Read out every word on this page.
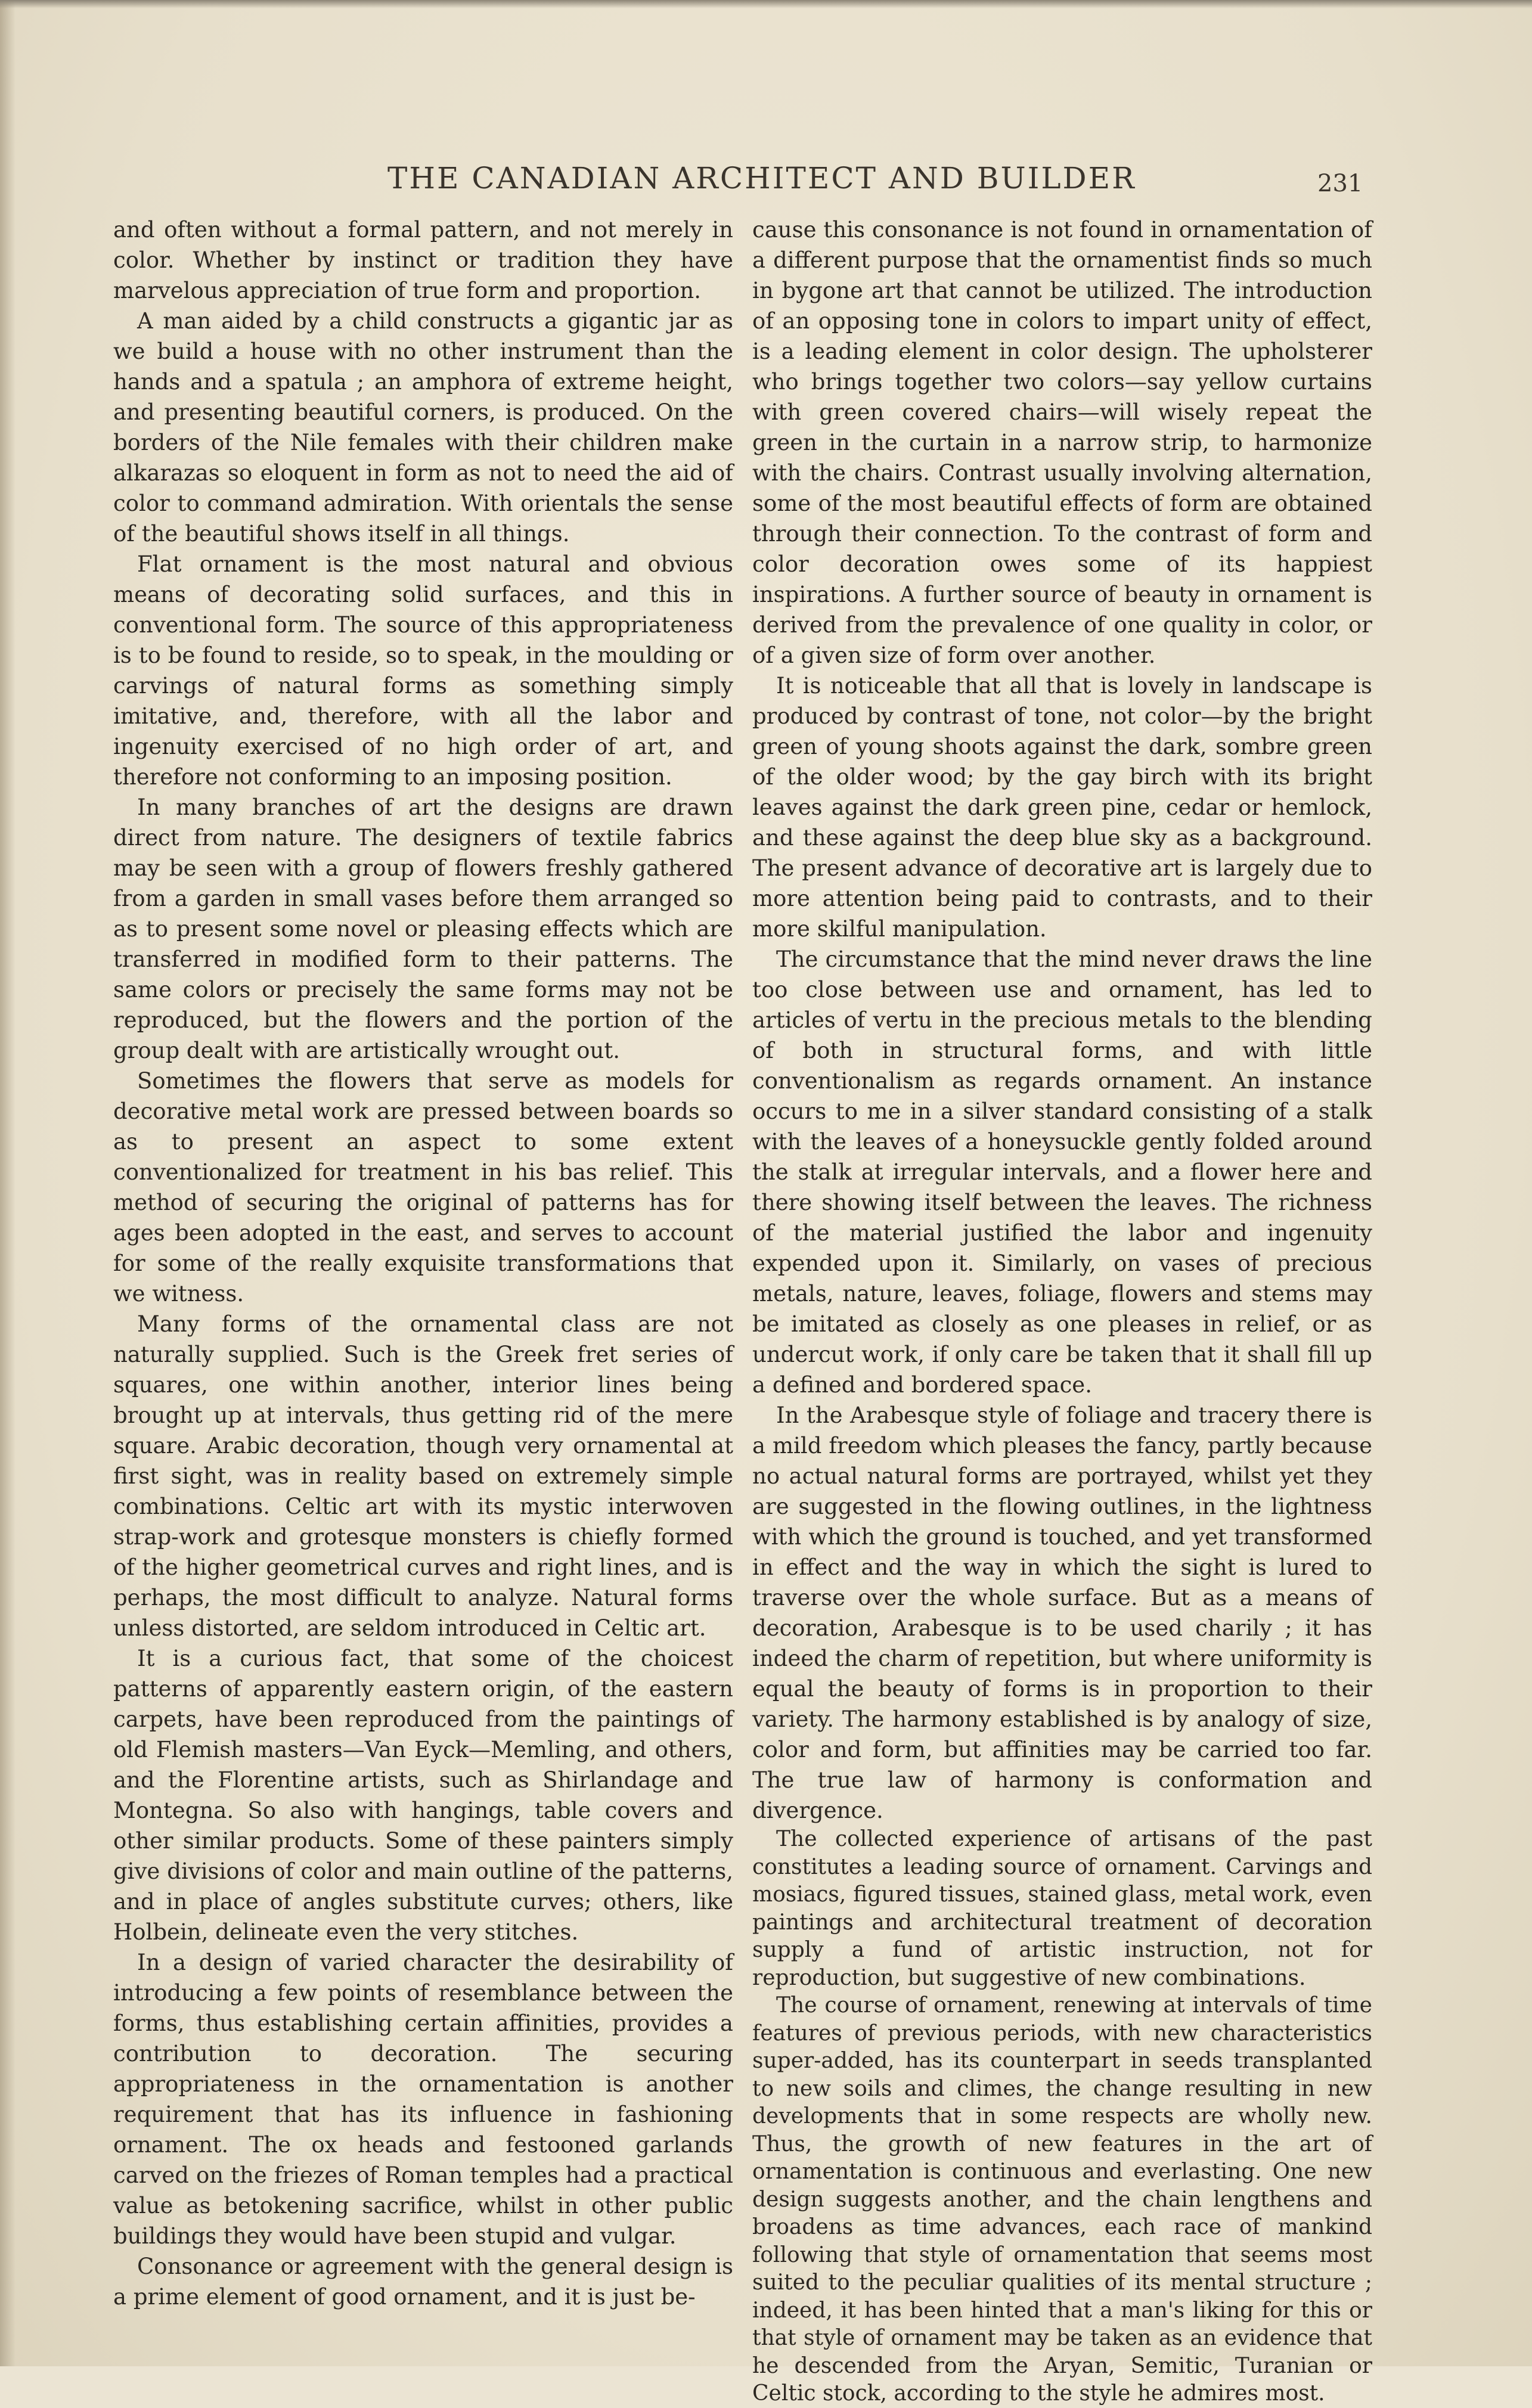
THE CANADIAN ARCHITECT AND BUILDER	231

and often without a formal pattern, and not merely in color. Whether by instinct or tradition they have marvelous appreciation of true form and proportion.

A man aided by a child constructs a gigantic jar as we build a house with no other instrument than the hands and a spatula ; an amphora of extreme height, and presenting beautiful corners, is produced. On the borders of the Nile females with their children make alkarazas so eloquent in form as not to need the aid of color to command admiration. With orientals the sense of the beautiful shows itself in all things.

Flat ornament is the most natural and obvious means of decorating solid surfaces, and this in conventional form. The source of this appropriateness is to be found to reside, so to speak, in the moulding or carvings of natural forms as something simply imitative, and, therefore, with all the labor and ingenuity exercised of no high order of art, and therefore not conforming to an imposing position.

In many branches of art the designs are drawn direct from nature. The designers of textile fabrics may be seen with a group of flowers freshly gathered from a garden in small vases before them arranged so as to present some novel or pleasing effects which are transferred in modified form to their patterns. The same colors or precisely the same forms may not be reproduced, but the flowers and the portion of the group dealt with are artistically wrought out.

Sometimes the flowers that serve as models for decorative metal work are pressed between boards so as to present an aspect to some extent conventionalized for treatment in his bas relief. This method of securing the original of patterns has for ages been adopted in the east, and serves to account for some of the really exquisite transformations that we witness.

Many forms of the ornamental class are not naturally supplied. Such is the Greek fret series of squares, one within another, interior lines being brought up at intervals, thus getting rid of the mere square. Arabic decoration, though very ornamental at first sight, was in reality based on extremely simple combinations. Celtic art with its mystic interwoven strap-work and grotesque monsters is chiefly formed of the higher geometrical curves and right lines, and is perhaps, the most difficult to analyze. Natural forms unless distorted, are seldom introduced in Celtic art.

It is a curious fact, that some of the choicest patterns of apparently eastern origin, of the eastern carpets, have been reproduced from the paintings of old Flemish masters—Van Eyck—Memling, and others, and the Florentine artists, such as Shirlandage and Montegna. So also with hangings, table covers and other similar products. Some of these painters simply give divisions of color and main outline of the patterns, and in place of angles substitute curves; others, like Holbein, delineate even the very stitches.

In a design of varied character the desirability of introducing a few points of resemblance between the forms, thus establishing certain affinities, provides a contribution to decoration. The securing appropriateness in the ornamentation is another requirement that has its influence in fashioning ornament. The ox heads and festooned garlands carved on the friezes of Roman temples had a practical value as betokening sacrifice, whilst in other public buildings they would have been stupid and vulgar.

Consonance or agreement with the general design is a prime element of good ornament, and it is just be-

cause this consonance is not found in ornamentation of a different purpose that the ornamentist finds so much in bygone art that cannot be utilized. The introduction of an opposing tone in colors to impart unity of effect, is a leading element in color design. The upholsterer who brings together two colors—say yellow curtains with green covered chairs—will wisely repeat the green in the curtain in a narrow strip, to harmonize with the chairs. Contrast usually involving alternation, some of the most beautiful effects of form are obtained through their connection. To the contrast of form and color decoration owes some of its happiest inspirations. A further source of beauty in ornament is derived from the prevalence of one quality in color, or of a given size of form over another.

It is noticeable that all that is lovely in landscape is produced by contrast of tone, not color—by the bright green of young shoots against the dark, sombre green of the older wood; by the gay birch with its bright leaves against the dark green pine, cedar or hemlock, and these against the deep blue sky as a background. The present advance of decorative art is largely due to more attention being paid to contrasts, and to their more skilful manipulation.

The circumstance that the mind never draws the line too close between use and ornament, has led to articles of vertu in the precious metals to the blending of both in structural forms, and with little conventionalism as regards ornament. An instance occurs to me in a silver standard consisting of a stalk with the leaves of a honeysuckle gently folded around the stalk at irregular intervals, and a flower here and there showing itself between the leaves. The richness of the material justified the labor and ingenuity expended upon it. Similarly, on vases of precious metals, nature, leaves, foliage, flowers and stems may be imitated as closely as one pleases in relief, or as undercut work, if only care be taken that it shall fill up a defined and bordered space.

In the Arabesque style of foliage and tracery there is a mild freedom which pleases the fancy, partly because no actual natural forms are portrayed, whilst yet they are suggested in the flowing outlines, in the lightness with which the ground is touched, and yet transformed in effect and the way in which the sight is lured to traverse over the whole surface. But as a means of decoration, Arabesque is to be used charily ; it has indeed the charm of repetition, but where uniformity is equal the beauty of forms is in proportion to their variety. The harmony established is by analogy of size, color and form, but affinities may be carried too far. The true law of harmony is conformation and divergence.

The collected experience of artisans of the past constitutes a leading source of ornament. Carvings and mosiacs, figured tissues, stained glass, metal work, even paintings and architectural treatment of decoration supply a fund of artistic instruction, not for reproduction, but suggestive of new combinations.

The course of ornament, renewing at intervals of time features of previous periods, with new characteristics super-added, has its counterpart in seeds transplanted to new soils and climes, the change resulting in new developments that in some respects are wholly new. Thus, the growth of new features in the art of ornamentation is continuous and everlasting. One new design suggests another, and the chain lengthens and broadens as time advances, each race of mankind following that style of ornamentation that seems most suited to the peculiar qualities of its mental structure ; indeed, it has been hinted that a man's liking for this or that style of ornament may be taken as an evidence that he descended from the Aryan, Semitic, Turanian or Celtic stock, according to the style he admires most.
